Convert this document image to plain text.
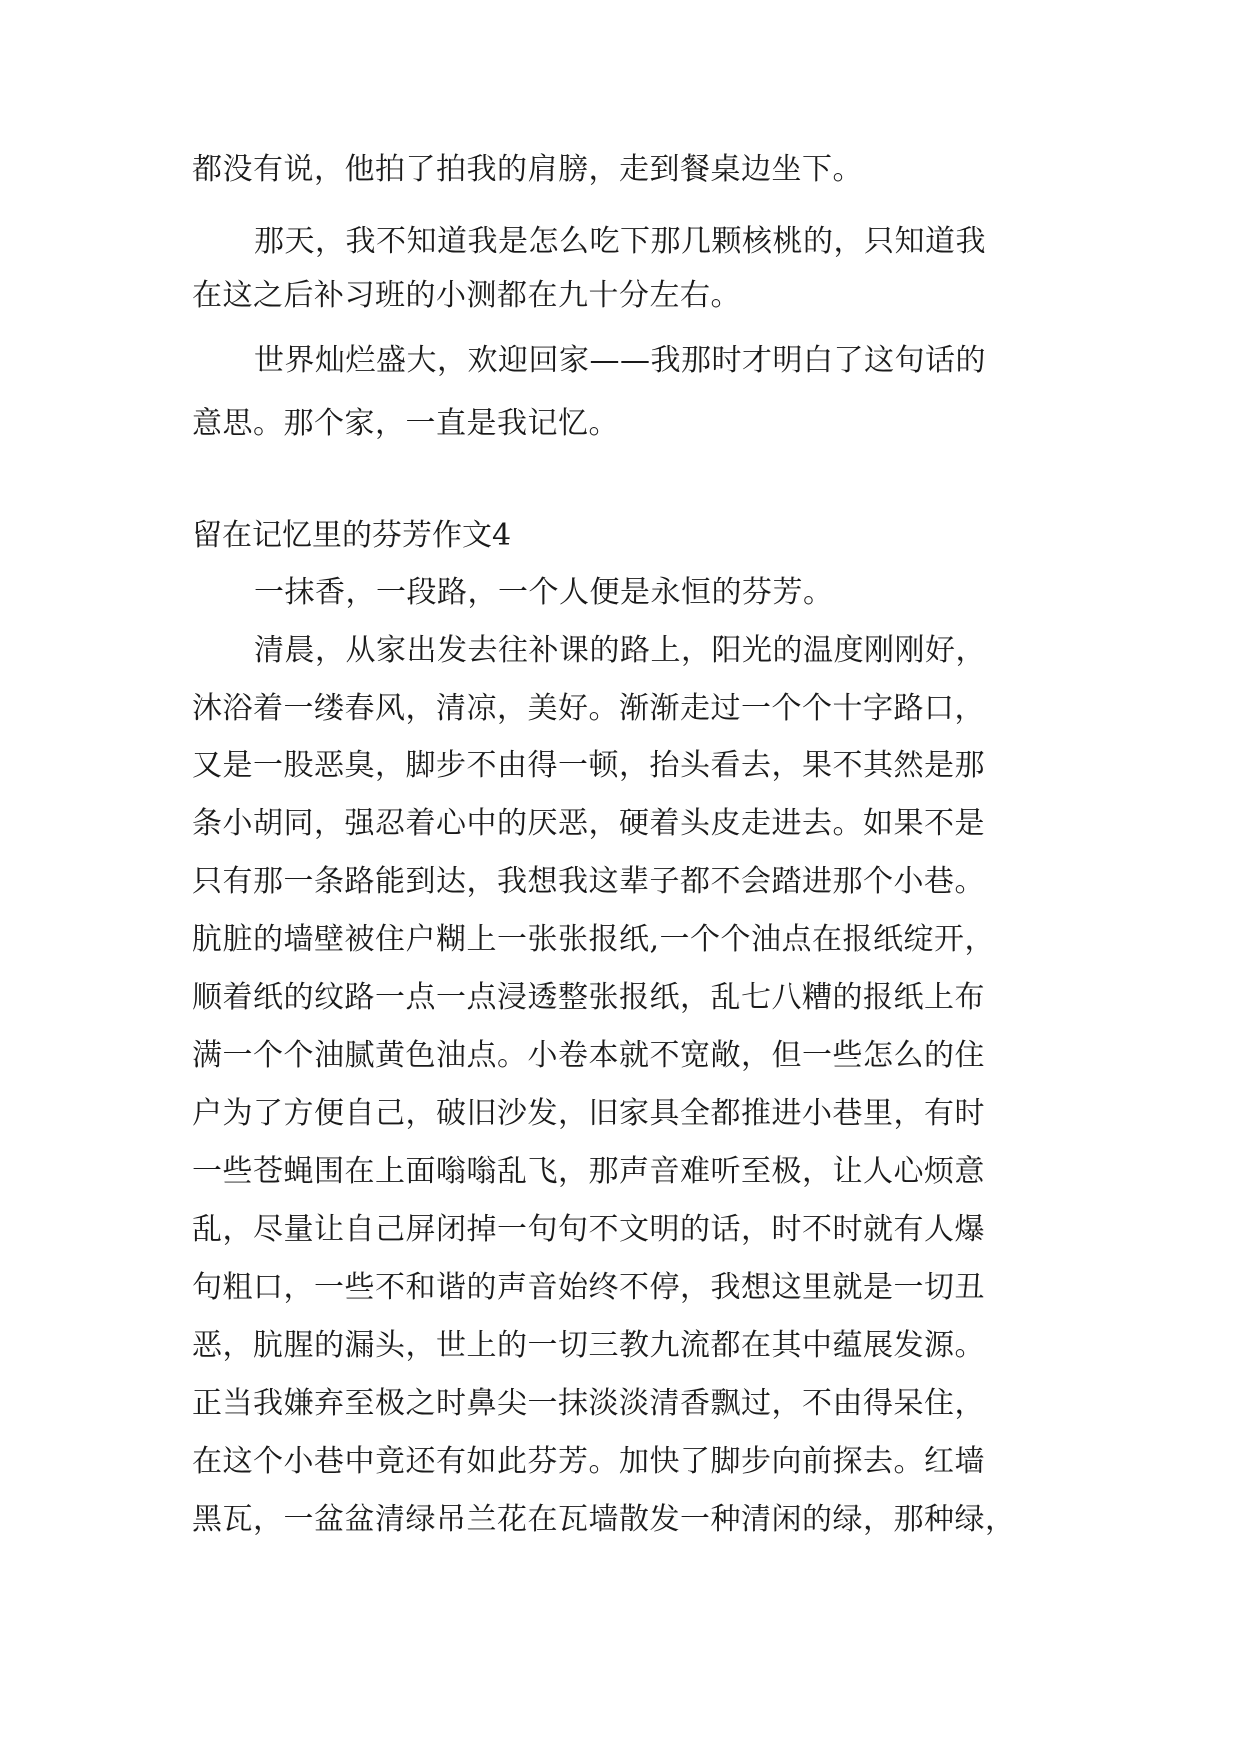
都没有说，他拍了拍我的肩膀，走到餐桌边坐下。

那天，我不知道我是怎么吃下那几颗核桃的，只知道我

在这之后补习班的小测都在九十分左右。

世界灿烂盛大，欢迎回家——我那时才明白了这句话的

意思。那个家，一直是我记忆。

留在记忆里的芬芳作文4

一抹香，一段路，一个人便是永恒的芬芳。

清晨，从家出发去往补课的路上，阳光的温度刚刚好，

沐浴着一缕春风，清凉，美好。渐渐走过一个个十字路口，

又是一股恶臭，脚步不由得一顿，抬头看去，果不其然是那

条小胡同，强忍着心中的厌恶，硬着头皮走进去。如果不是

只有那一条路能到达，我想我这辈子都不会踏进那个小巷。

肮脏的墙壁被住户糊上一张张报纸,一个个油点在报纸绽开，

顺着纸的纹路一点一点浸透整张报纸，乱七八糟的报纸上布

满一个个油腻黄色油点。小卷本就不宽敞，但一些怎么的住

户为了方便自己，破旧沙发，旧家具全都推进小巷里，有时

一些苍蝇围在上面嗡嗡乱飞，那声音难听至极，让人心烦意

乱，尽量让自己屏闭掉一句句不文明的话，时不时就有人爆

句粗口，一些不和谐的声音始终不停，我想这里就是一切丑

恶，肮腥的漏头，世上的一切三教九流都在其中蕴展发源。

正当我嫌弃至极之时鼻尖一抹淡淡清香飘过，不由得呆住，

在这个小巷中竟还有如此芬芳。加快了脚步向前探去。红墙

黑瓦，一盆盆清绿吊兰花在瓦墙散发一种清闲的绿，那种绿，
